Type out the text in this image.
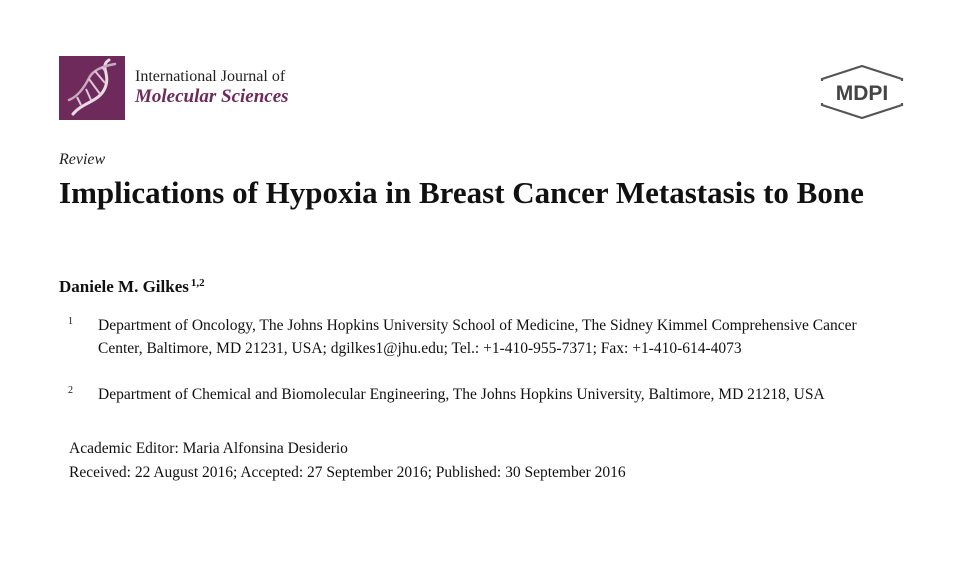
International Journal of
Molecular Sciences	MDPI
Review
Implications of Hypoxia in Breast Cancer Metastasis to Bone
Daniele M. Gilkes $^{1,2}$
1 Department of Oncology, The Johns Hopkins University School of Medicine, The Sidney Kimmel Comprehensive Cancer Center, Baltimore, MD 21231, USA; dgilkes1@jhu.edu; Tel.: +1-410-955-7371; Fax: +1-410-614-4073
2 Department of Chemical and Biomolecular Engineering, The Johns Hopkins University, Baltimore, MD 21218, USA
Academic Editor: Maria Alfonsina Desiderio
Received: 22 August 2016; Accepted: 27 September 2016; Published: 30 September 2016
